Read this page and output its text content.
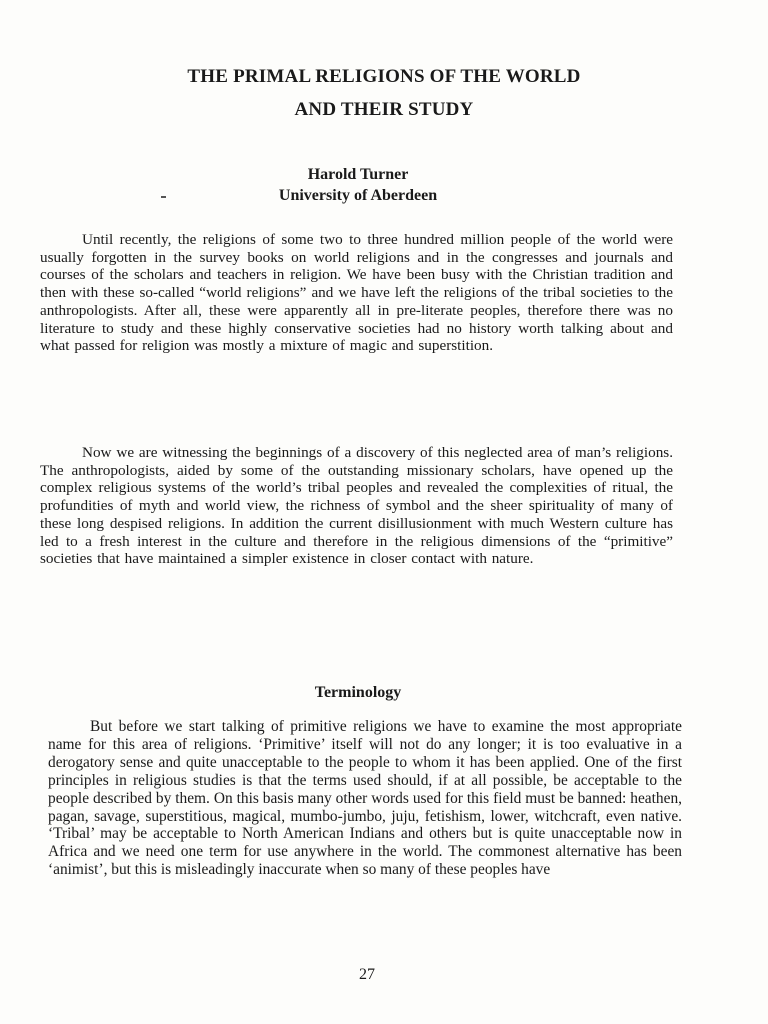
THE PRIMAL RELIGIONS OF THE WORLD
AND THEIR STUDY
Harold Turner
University of Aberdeen

Until recently, the religions of some two to three hundred million people of the world were usually forgotten in the survey books on world religions and in the congresses and journals and courses of the scholars and teachers in religion. We have been busy with the Christian tradition and then with these so-called “world religions” and we have left the religions of the tribal societies to the anthropologists. After all, these were apparently all in pre-literate peoples, therefore there was no literature to study and these highly conservative societies had no history worth talking about and what passed for religion was mostly a mixture of magic and superstition.

Now we are witnessing the beginnings of a discovery of this neglected area of man’s religions. The anthropologists, aided by some of the outstanding missionary scholars, have opened up the complex religious systems of the world’s tribal peoples and revealed the complexities of ritual, the profundities of myth and world view, the richness of symbol and the sheer spirituality of many of these long despised religions. In addition the current disillusionment with much Western culture has led to a fresh interest in the culture and therefore in the religious dimensions of the “primitive” societies that have maintained a simpler existence in closer contact with nature.

Terminology

But before we start talking of primitive religions we have to examine the most appropriate name for this area of religions. ‘Primitive’ itself will not do any longer; it is too evaluative in a derogatory sense and quite unacceptable to the people to whom it has been applied. One of the first principles in religious studies is that the terms used should, if at all possible, be acceptable to the people described by them. On this basis many other words used for this field must be banned: heathen, pagan, savage, superstitious, magical, mumbo-jumbo, juju, fetishism, lower, witchcraft, even native. ‘Tribal’ may be acceptable to North American Indians and others but is quite unacceptable now in Africa and we need one term for use anywhere in the world. The commonest alternative has been ‘animist’, but this is misleadingly inaccurate when so many of these peoples have

27
